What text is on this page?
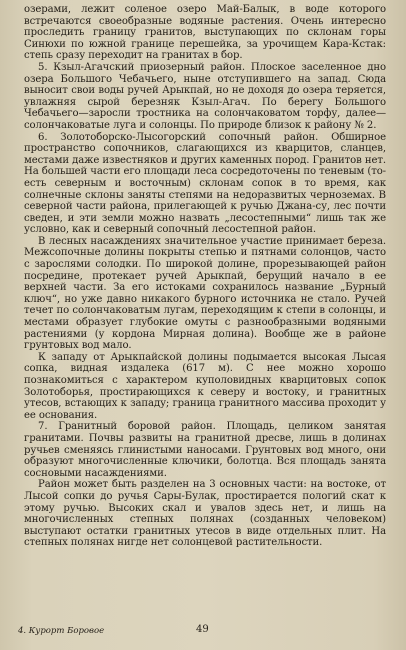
озерами, лежит соленое озеро Май-Балык, в водe которого встречаются своеобразные водяные растения. Очень интересно проследить границу гранитов, выступающих по склонам горы Синюхи по южной границе перешейка, за урочищем Кара-Кстак: степь сразу переходит на гранитах в бор.

5. Кзыл-Агачский приозерный район. Плоское заселенное дно озера Большого Чебачьего, ныне отступившего на запад. Сюда выносит свои воды ручей Арыкпай, но не доходя до озера теряется, увлажняя сырой березняк Кзыл-Агач. По берегу Большого Чебачьего—заросли тростника на солончаковатом торфу, далее—солончаковатые луга и солонцы. По природе близок к району № 2.

6. Золотоборско-Лысогорский сопочный район. Обширное пространство сопочников, слагающихся из кварцитов, сланцев, местами даже известняков и других каменных пород. Гранитов нет. На большей части его площади леса сосредоточены по теневым (то-есть северным и восточным) склонам сопок в то время, как солнечные склоны заняты степями на недоразвитых черноземах. В северной части района, прилегающей к ручью Джана-су, лес почти сведен, и эти земли можно назвать „лесостепными“ лишь так же условно, как и северный сопочный лесостепной район.

В лесных насаждениях значительное участие принимает береза. Межсопочные долины покрыты степью и пятнами солонцов, часто с зарослями солодки. По широкой долине, прорезывающей район посредине, протекает ручей Арыкпай, берущий начало в ее верхней части. За его истоками сохранилось название „Бурный ключ“, но уже давно никакого бурного источника не стало. Ручей течет по солончаковатым лугам, переходящим к степи в солонцы, и местами образует глубокие омуты с разнообразными водяными растениями (у кордона Мирная долина). Вообще же в районе грунтовых вод мало.

К западу от Арыкпайской долины подымается высокая Лысая сопка, видная издалека (617 м). С нее можно хорошо познакомиться с характером куполовидных кварцитовых сопок Золотоборья, простирающихся к северу и востоку, и гранитных утесов, встающих к западу; граница гранитного массива проходит у ее основания.

7. Гранитный боровой район. Площадь, целиком занятая гранитами. Почвы развиты на гранитной дресве, лишь в долинах ручьев сменяясь глинистыми наносами. Грунтовых вод много, они образуют многочисленные ключики, болотца. Вся площадь занята сосновыми насаждениями.

Район может быть разделен на 3 основных части: на востоке, от Лысой сопки до ручья Сары-Булак, простирается пологий скат к этому ручью. Высоких скал и увалов здесь нет, и лишь на многочисленных степных полянах (созданных человеком) выступают остатки гранитных утесов в виде отдельных плит. На степных полянах нигде нет солонцевой растительности.

4. Курорт Боровое	49
